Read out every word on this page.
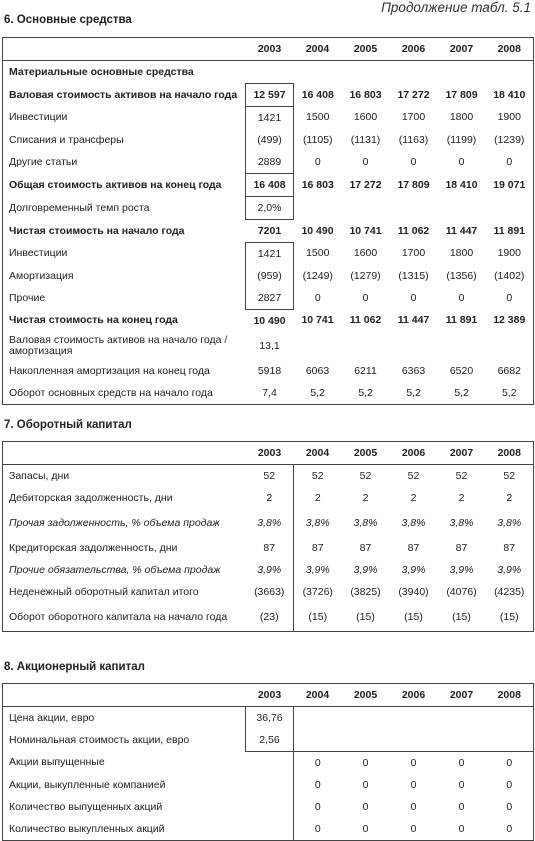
Продолжение табл. 5.1
6. Основные средства
	2003	2004	2005	2006	2007	2008
Материальные основные средства						
Валовая стоимость активов на начало года	12 597	16 408	16 803	17 272	17 809	18 410
Инвестиции	1421	1500	1600	1700	1800	1900
Списания и трансферы	(499)	(1105)	(1131)	(1163)	(1199)	(1239)
Другие статьи	2889	0	0	0	0	0
Общая стоимость активов на конец года	16 408	16 803	17 272	17 809	18 410	19 071
Долговременный темп роста	2,0%					
Чистая стоимость на начало года	7201	10 490	10 741	11 062	11 447	11 891
Инвестиции	1421	1500	1600	1700	1800	1900
Амортизация	(959)	(1249)	(1279)	(1315)	(1356)	(1402)
Прочие	2827	0	0	0	0	0
Чистая стоимость на конец года	10 490	10 741	11 062	11 447	11 891	12 389
Валовая стоимость активов на начало года / амортизация	13,1					
Накопленная амортизация на конец года	5918	6063	6211	6363	6520	6682
Оборот основных средств на начало года	7,4	5,2	5,2	5,2	5,2	5,2
7. Оборотный капитал
	2003	2004	2005	2006	2007	2008
Запасы, дни	52	52	52	52	52	52
Дебиторская задолженность, дни	2	2	2	2	2	2
Прочая задолженность, % объема продаж	3,8%	3,8%	3,8%	3,8%	3,8%	3,8%
Кредиторская задолженность, дни	87	87	87	87	87	87
Прочие обязательства, % объема продаж	3,9%	3,9%	3,9%	3,9%	3,9%	3,9%
Неденежный оборотный капитал итого	(3663)	(3726)	(3825)	(3940)	(4076)	(4235)
Оборот оборотного капитала на начало года	(23)	(15)	(15)	(15)	(15)	(15)
8. Акционерный капитал
	2003	2004	2005	2006	2007	2008
Цена акции, евро	36,76					
Номинальная стоимость акции, евро	2,56					
Акции выпущенные		0	0	0	0	0
Акции, выкупленные компанией		0	0	0	0	0
Количество выпущенных акций		0	0	0	0	0
Количество выкупленных акций		0	0	0	0	0
